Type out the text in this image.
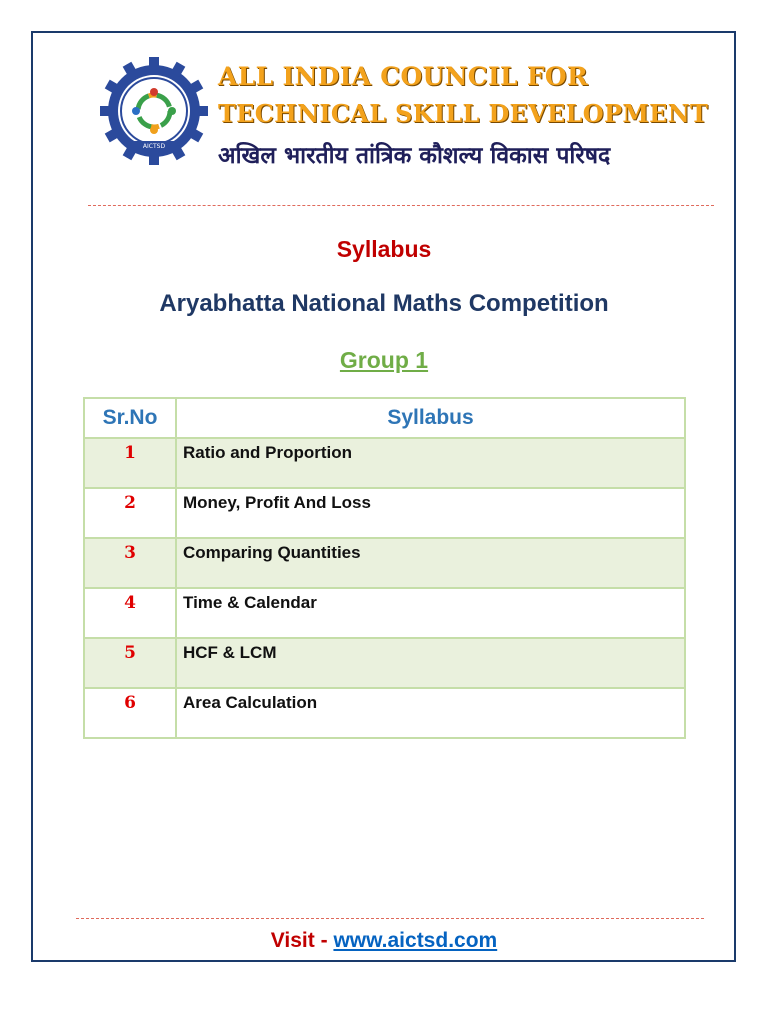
AICTSD
ALL INDIA COUNCIL FOR
TECHNICAL SKILL DEVELOPMENT
अखिल भारतीय तांत्रिक कौशल्य विकास परिषद
Syllabus
Aryabhatta National Maths Competition
Group 1
Sr.No	Syllabus
1	Ratio and Proportion
2	Money, Profit And Loss
3	Comparing Quantities
4	Time & Calendar
5	HCF & LCM
6	Area Calculation
Visit - www.aictsd.com
